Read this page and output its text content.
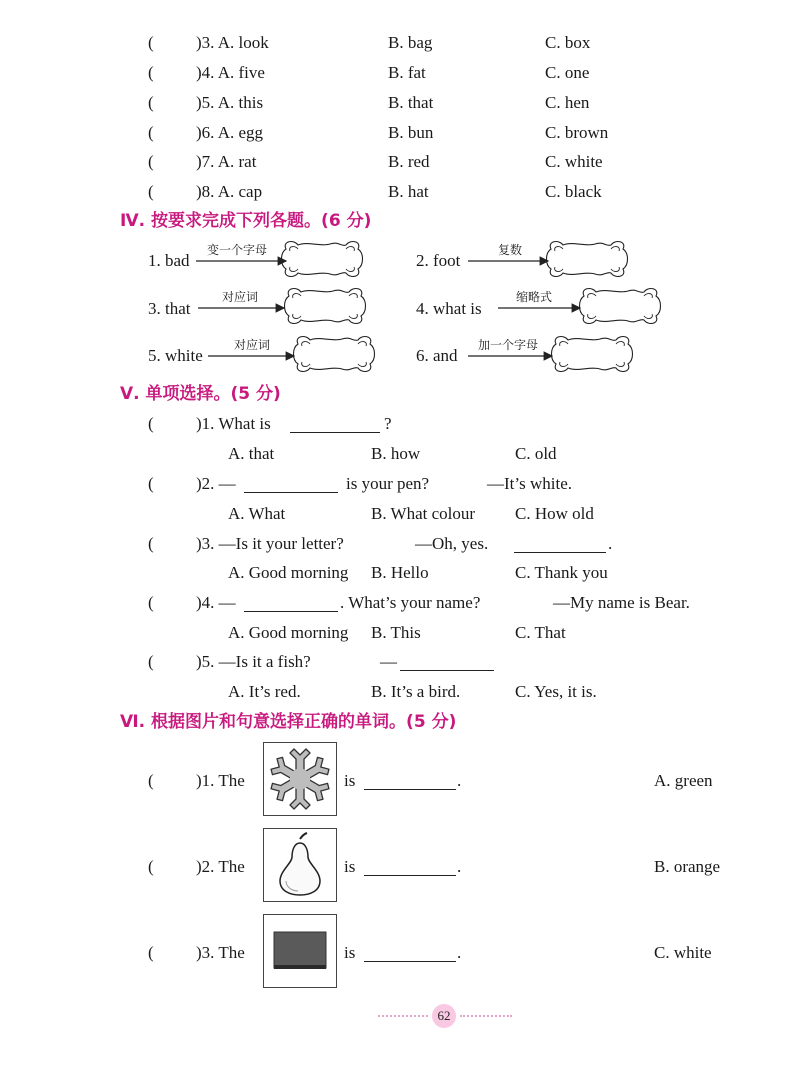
( )3. A. look	B. bag	C. box
( )4. A. five	B. fat	C. one
( )5. A. this	B. that	C. hen
( )6. A. egg	B. bun	C. brown
( )7. A. rat	B. red	C. white
( )8. A. cap	B. hat	C. black
Ⅳ. 按要求完成下列各题。(6 分)
1. bad
变一个字母
2. foot
复数
3. that
对应词
4. what is
缩略式
5. white
对应词
6. and
加一个字母
Ⅴ. 单项选择。(5 分)
( )1. What is	?
A. that	B. how	C. old
( )2. —	is your pen?	—It’s white.
A. What	B. What colour C. How old
( )3. —Is it your letter?	—Oh, yes.	.
A. Good morning B. Hello	C. Thank you
( )4. —	. What’s your name?	—My name is Bear.
A. Good morning B. This	C. That
( )5. —Is it a fish?	—
A. It’s red.	B. It’s a bird.	C. Yes, it is.
Ⅵ. 根据图片和句意选择正确的单词。(5 分)
( )1. The	is	.	A. green
( )2. The	is	.	B. orange
( )3. The	is	.	C. white
62
